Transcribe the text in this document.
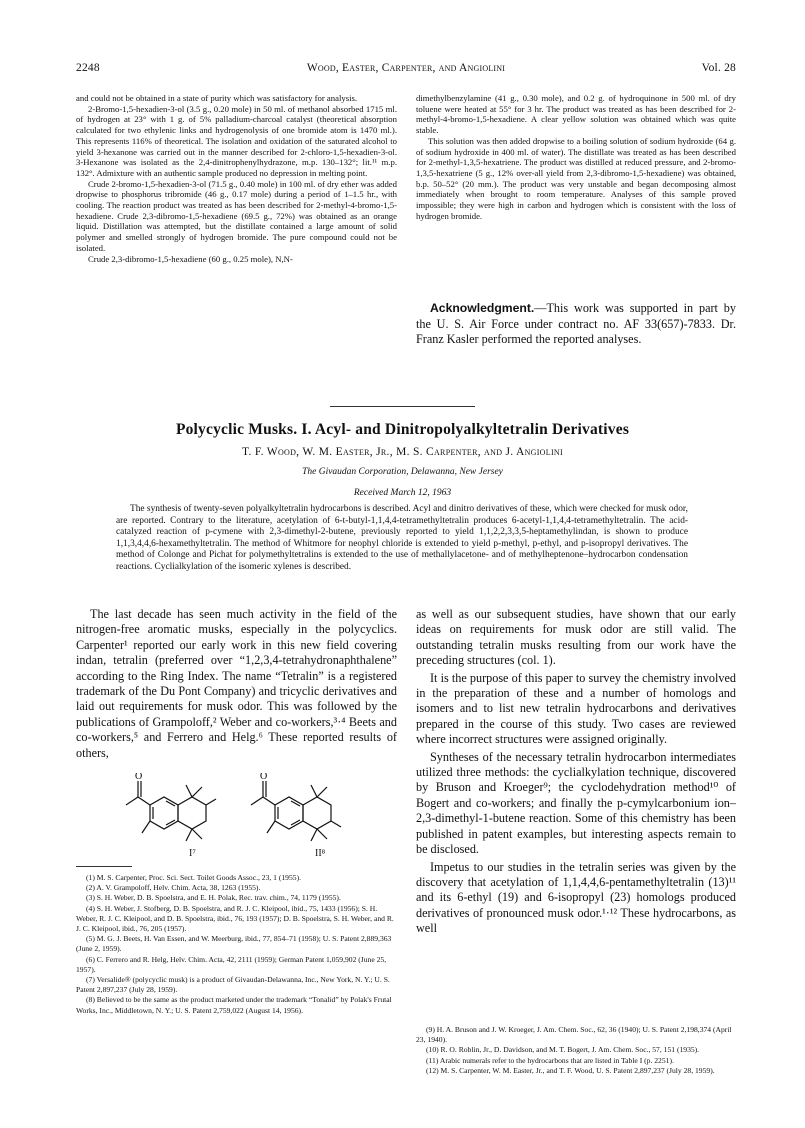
2248	Wood, Easter, Carpenter, and Angiolini	Vol. 28

and could not be obtained in a state of purity which was satisfactory for analysis.

2-Bromo-1,5-hexadien-3-ol (3.5 g., 0.20 mole) in 50 ml. of methanol absorbed 1715 ml. of hydrogen at 23° with 1 g. of 5% palladium-charcoal catalyst (theoretical absorption calculated for two ethylenic links and hydrogenolysis of one bromide atom is 1470 ml.). This represents 116% of theoretical. The isolation and oxidation of the saturated alcohol to yield 3-hexanone was carried out in the manner described for 2-chloro-1,5-hexadien-3-ol. 3-Hexanone was isolated as the 2,4-dinitrophenylhydrazone, m.p. 130–132°; lit.¹¹ m.p. 132°. Admixture with an authentic sample produced no depression in melting point.

Crude 2-bromo-1,5-hexadien-3-ol (71.5 g., 0.40 mole) in 100 ml. of dry ether was added dropwise to phosphorus tribromide (46 g., 0.17 mole) during a period of 1–1.5 hr., with cooling. The reaction product was treated as has been described for 2-methyl-4-bromo-1,5-hexadiene. Crude 2,3-dibromo-1,5-hexadiene (69.5 g., 72%) was obtained as an orange liquid. Distillation was attempted, but the distillate contained a large amount of solid polymer and smelled strongly of hydrogen bromide. The pure compound could not be isolated.

Crude 2,3-dibromo-1,5-hexadiene (60 g., 0.25 mole), N,N-

dimethylbenzylamine (41 g., 0.30 mole), and 0.2 g. of hydroquinone in 500 ml. of dry toluene were heated at 55° for 3 hr. The product was treated as has been described for 2-methyl-4-bromo-1,5-hexadiene. A clear yellow solution was obtained which was quite stable.

This solution was then added dropwise to a boiling solution of sodium hydroxide (64 g. of sodium hydroxide in 400 ml. of water). The distillate was treated as has been described for 2-methyl-1,3,5-hexatriene. The product was distilled at reduced pressure, and 2-bromo-1,3,5-hexatriene (5 g., 12% over-all yield from 2,3-dibromo-1,5-hexadiene) was obtained, b.p. 50–52° (20 mm.). The product was very unstable and began decomposing almost immediately when brought to room temperature. Analyses of this sample proved impossible; they were high in carbon and hydrogen which is consistent with the loss of hydrogen bromide.

Acknowledgment.—This work was supported in part by the U. S. Air Force under contract no. AF 33(657)-7833. Dr. Franz Kasler performed the reported analyses.
Polycyclic Musks. I. Acyl- and Dinitropolyalkyltetralin Derivatives
T. F. Wood, W. M. Easter, Jr., M. S. Carpenter, and J. Angiolini
The Givaudan Corporation, Delawanna, New Jersey
Received March 12, 1963
The synthesis of twenty-seven polyalkyltetralin hydrocarbons is described. Acyl and dinitro derivatives of these, which were checked for musk odor, are reported. Contrary to the literature, acetylation of 6-t-butyl-1,1,4,4-tetramethyltetralin produces 6-acetyl-1,1,4,4-tetramethyltetralin. The acid-catalyzed reaction of p-cymene with 2,3-dimethyl-2-butene, previously reported to yield 1,1,2,2,3,3,5-heptamethylindan, is shown to produce 1,1,3,4,4,6-hexamethyltetralin. The method of Whitmore for neophyl chloride is extended to yield p-methyl, p-ethyl, and p-isopropyl derivatives. The method of Colonge and Pichat for polymethyltetralins is extended to the use of methallylacetone- and of methylheptenone–hydrocarbon condensation reactions. Cyclialkylation of the isomeric xylenes is described.

The last decade has seen much activity in the field of the nitrogen-free aromatic musks, especially in the polycyclics. Carpenter¹ reported our early work in this new field covering indan, tetralin (preferred over “1,2,3,4-tetrahydronaphthalene” according to the Ring Index. The name “Tetralin” is a registered trademark of the Du Pont Company) and tricyclic derivatives and laid out requirements for musk odor. This was followed by the publications of Grampoloff,² Weber and co-workers,³·⁴ Beets and co-workers,⁵ and Ferrero and Helg.⁶ These reported results of others,

O	O
I⁷	II⁸

(1) M. S. Carpenter, Proc. Sci. Sect. Toilet Goods Assoc., 23, 1 (1955).

(2) A. V. Grampoloff, Helv. Chim. Acta, 38, 1263 (1955).

(3) S. H. Weber, D. B. Spoelstra, and E. H. Polak, Rec. trav. chim., 74, 1179 (1955).

(4) S. H. Weber, J. Stofberg, D. B. Spoelstra, and R. J. C. Kleipool, ibid., 75, 1433 (1956); S. H. Weber, R. J. C. Kleipool, and D. B. Spoelstra, ibid., 76, 193 (1957); D. B. Spoelstra, S. H. Weber, and R. J. C. Kleipool, ibid., 76, 205 (1957).

(5) M. G. J. Beets, H. Van Essen, and W. Meerburg, ibid., 77, 854–71 (1958); U. S. Patent 2,889,363 (June 2, 1959).

(6) C. Ferrero and R. Helg, Helv. Chim. Acta, 42, 2111 (1959); German Patent 1,059,902 (June 25, 1957).

(7) Versalide® (polycyclic musk) is a product of Givaudan-Delawanna, Inc., New York, N. Y.; U. S. Patent 2,897,237 (July 28, 1959).

(8) Believed to be the same as the product marketed under the trademark “Tonalid” by Polak's Frutal Works, Inc., Middletown, N. Y.; U. S. Patent 2,759,022 (August 14, 1956).

as well as our subsequent studies, have shown that our early ideas on requirements for musk odor are still valid. The outstanding tetralin musks resulting from our work have the preceding structures (col. 1).

It is the purpose of this paper to survey the chemistry involved in the preparation of these and a number of homologs and isomers and to list new tetralin hydrocarbons and derivatives prepared in the course of this study. Two cases are reviewed where incorrect structures were assigned originally.

Syntheses of the necessary tetralin hydrocarbon intermediates utilized three methods: the cyclialkylation technique, discovered by Bruson and Kroeger⁹; the cyclodehydration method¹⁰ of Bogert and co-workers; and finally the p-cymylcarbonium ion–2,3-dimethyl-1-butene reaction. Some of this chemistry has been published in patent examples, but interesting aspects remain to be disclosed.

Impetus to our studies in the tetralin series was given by the discovery that acetylation of 1,1,4,4,6-pentamethyltetralin (13)¹¹ and its 6-ethyl (19) and 6-isopropyl (23) homologs produced derivatives of pronounced musk odor.¹·¹² These hydrocarbons, as well

(9) H. A. Bruson and J. W. Kroeger, J. Am. Chem. Soc., 62, 36 (1940); U. S. Patent 2,198,374 (April 23, 1940).

(10) R. O. Roblin, Jr., D. Davidson, and M. T. Bogert, J. Am. Chem. Soc., 57, 151 (1935).

(11) Arabic numerals refer to the hydrocarbons that are listed in Table I (p. 2251).

(12) M. S. Carpenter, W. M. Easter, Jr., and T. F. Wood, U. S. Patent 2,897,237 (July 28, 1959).
